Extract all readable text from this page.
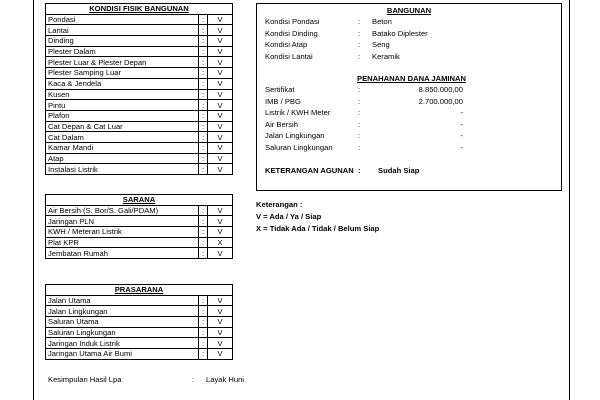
KONDISI FISIK BANGUNAN		
Pondasi	:	V
Lantai	:	V
Dinding	:	V
Plester Dalam	:	V
Plester Luar & Plester Depan	:	V
Plester Samping Luar	:	V
Kaca & Jendela	:	V
Kusen	:	V
Pintu	:	V
Plafon	:	V
Cat Depan & Cat Luar	:	V
Cat Dalam	:	V
Kamar Mandi	:	V
Atap	:	V
Instalasi Listrik	:	V
SARANA		
Air Bersih (S. Bor/S. Gali/PDAM)	:	V
Jaringan PLN	:	V
KWH / Meteran Listrik	:	V
Plat KPR	:	X
Jembatan Rumah	:	V
PRASARANA		
Jalan Utama	:	V
Jalan Lingkungan	:	V
Saluran Utama	:	V
Saluran Lingkungan	:	V
Jaringan Induk Listrik	:	V
Jaringan Utama Air Bumi	:	V
BANGUNAN
Kondisi Pondasi	: Beton
Kondisi Dinding	: Batako Diplester
Kondisi Atap	: Seng
Kondisi Lantai	: Keramik
PENAHANAN DANA JAMINAN
Sertifikat	:	8.850.000,00
IMB / PBG	:	2.700.000,00
Listrik / KWH Meter	:	-
Air Bersih	:	-
Jalan Lingkungan	:	-
Saluran Lingkungan	:	-
KETERANGAN AGUNAN : Sudah Siap
Keterangan :
V = Ada / Ya / Siap
X = Tidak Ada / Tidak / Belum Siap
Kesimpulan Hasil Lpa	: Layak Huni
